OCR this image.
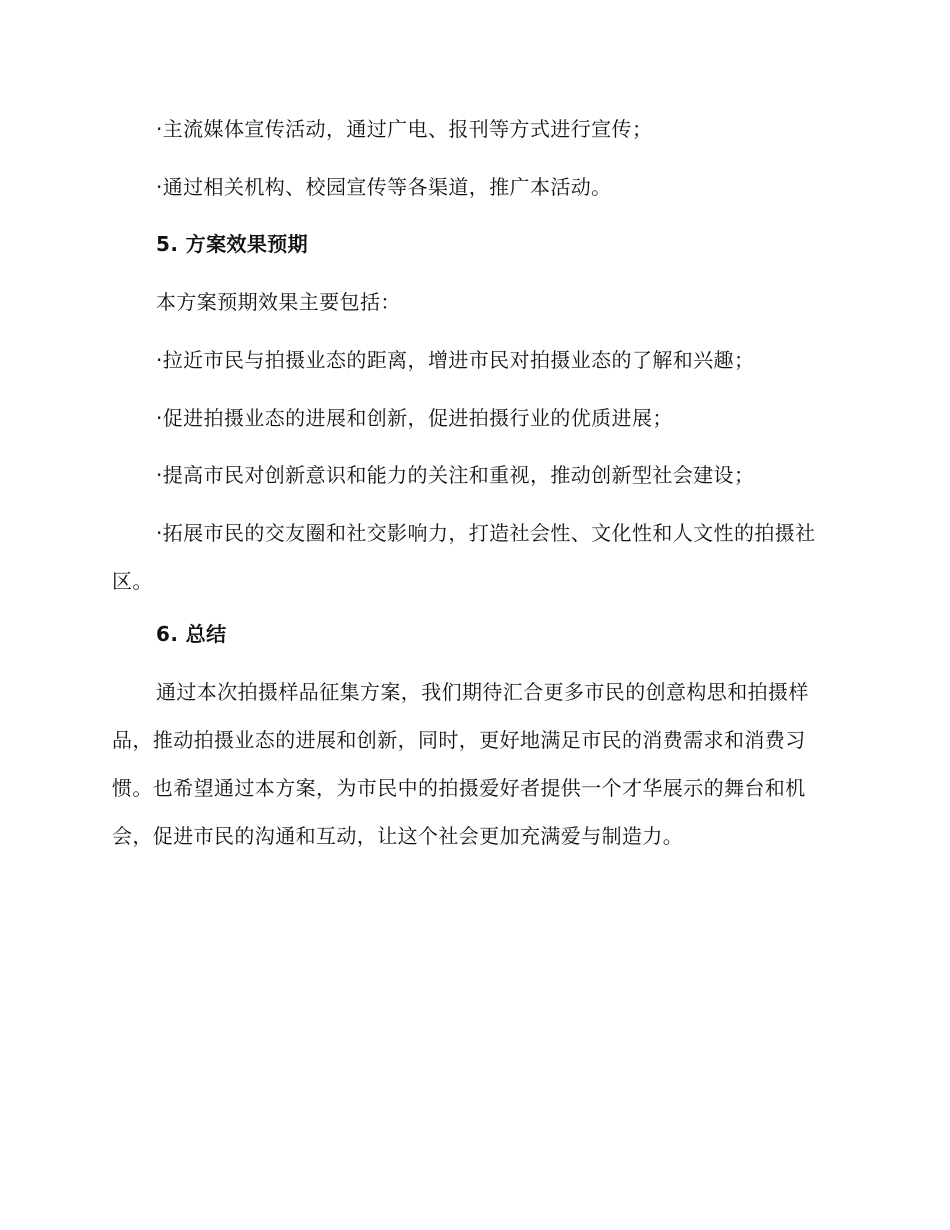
·主流媒体宣传活动，通过广电、报刊等方式进行宣传；

·通过相关机构、校园宣传等各渠道，推广本活动。

5. 方案效果预期

本方案预期效果主要包括：

·拉近市民与拍摄业态的距离，增进市民对拍摄业态的了解和兴趣；

·促进拍摄业态的进展和创新，促进拍摄行业的优质进展；

·提高市民对创新意识和能力的关注和重视，推动创新型社会建设；

·拓展市民的交友圈和社交影响力，打造社会性、文化性和人文性的拍摄社区。

6. 总结

通过本次拍摄样品征集方案，我们期待汇合更多市民的创意构思和拍摄样品，推动拍摄业态的进展和创新，同时，更好地满足市民的消费需求和消费习惯。也希望通过本方案，为市民中的拍摄爱好者提供一个才华展示的舞台和机会，促进市民的沟通和互动，让这个社会更加充满爱与制造力。
